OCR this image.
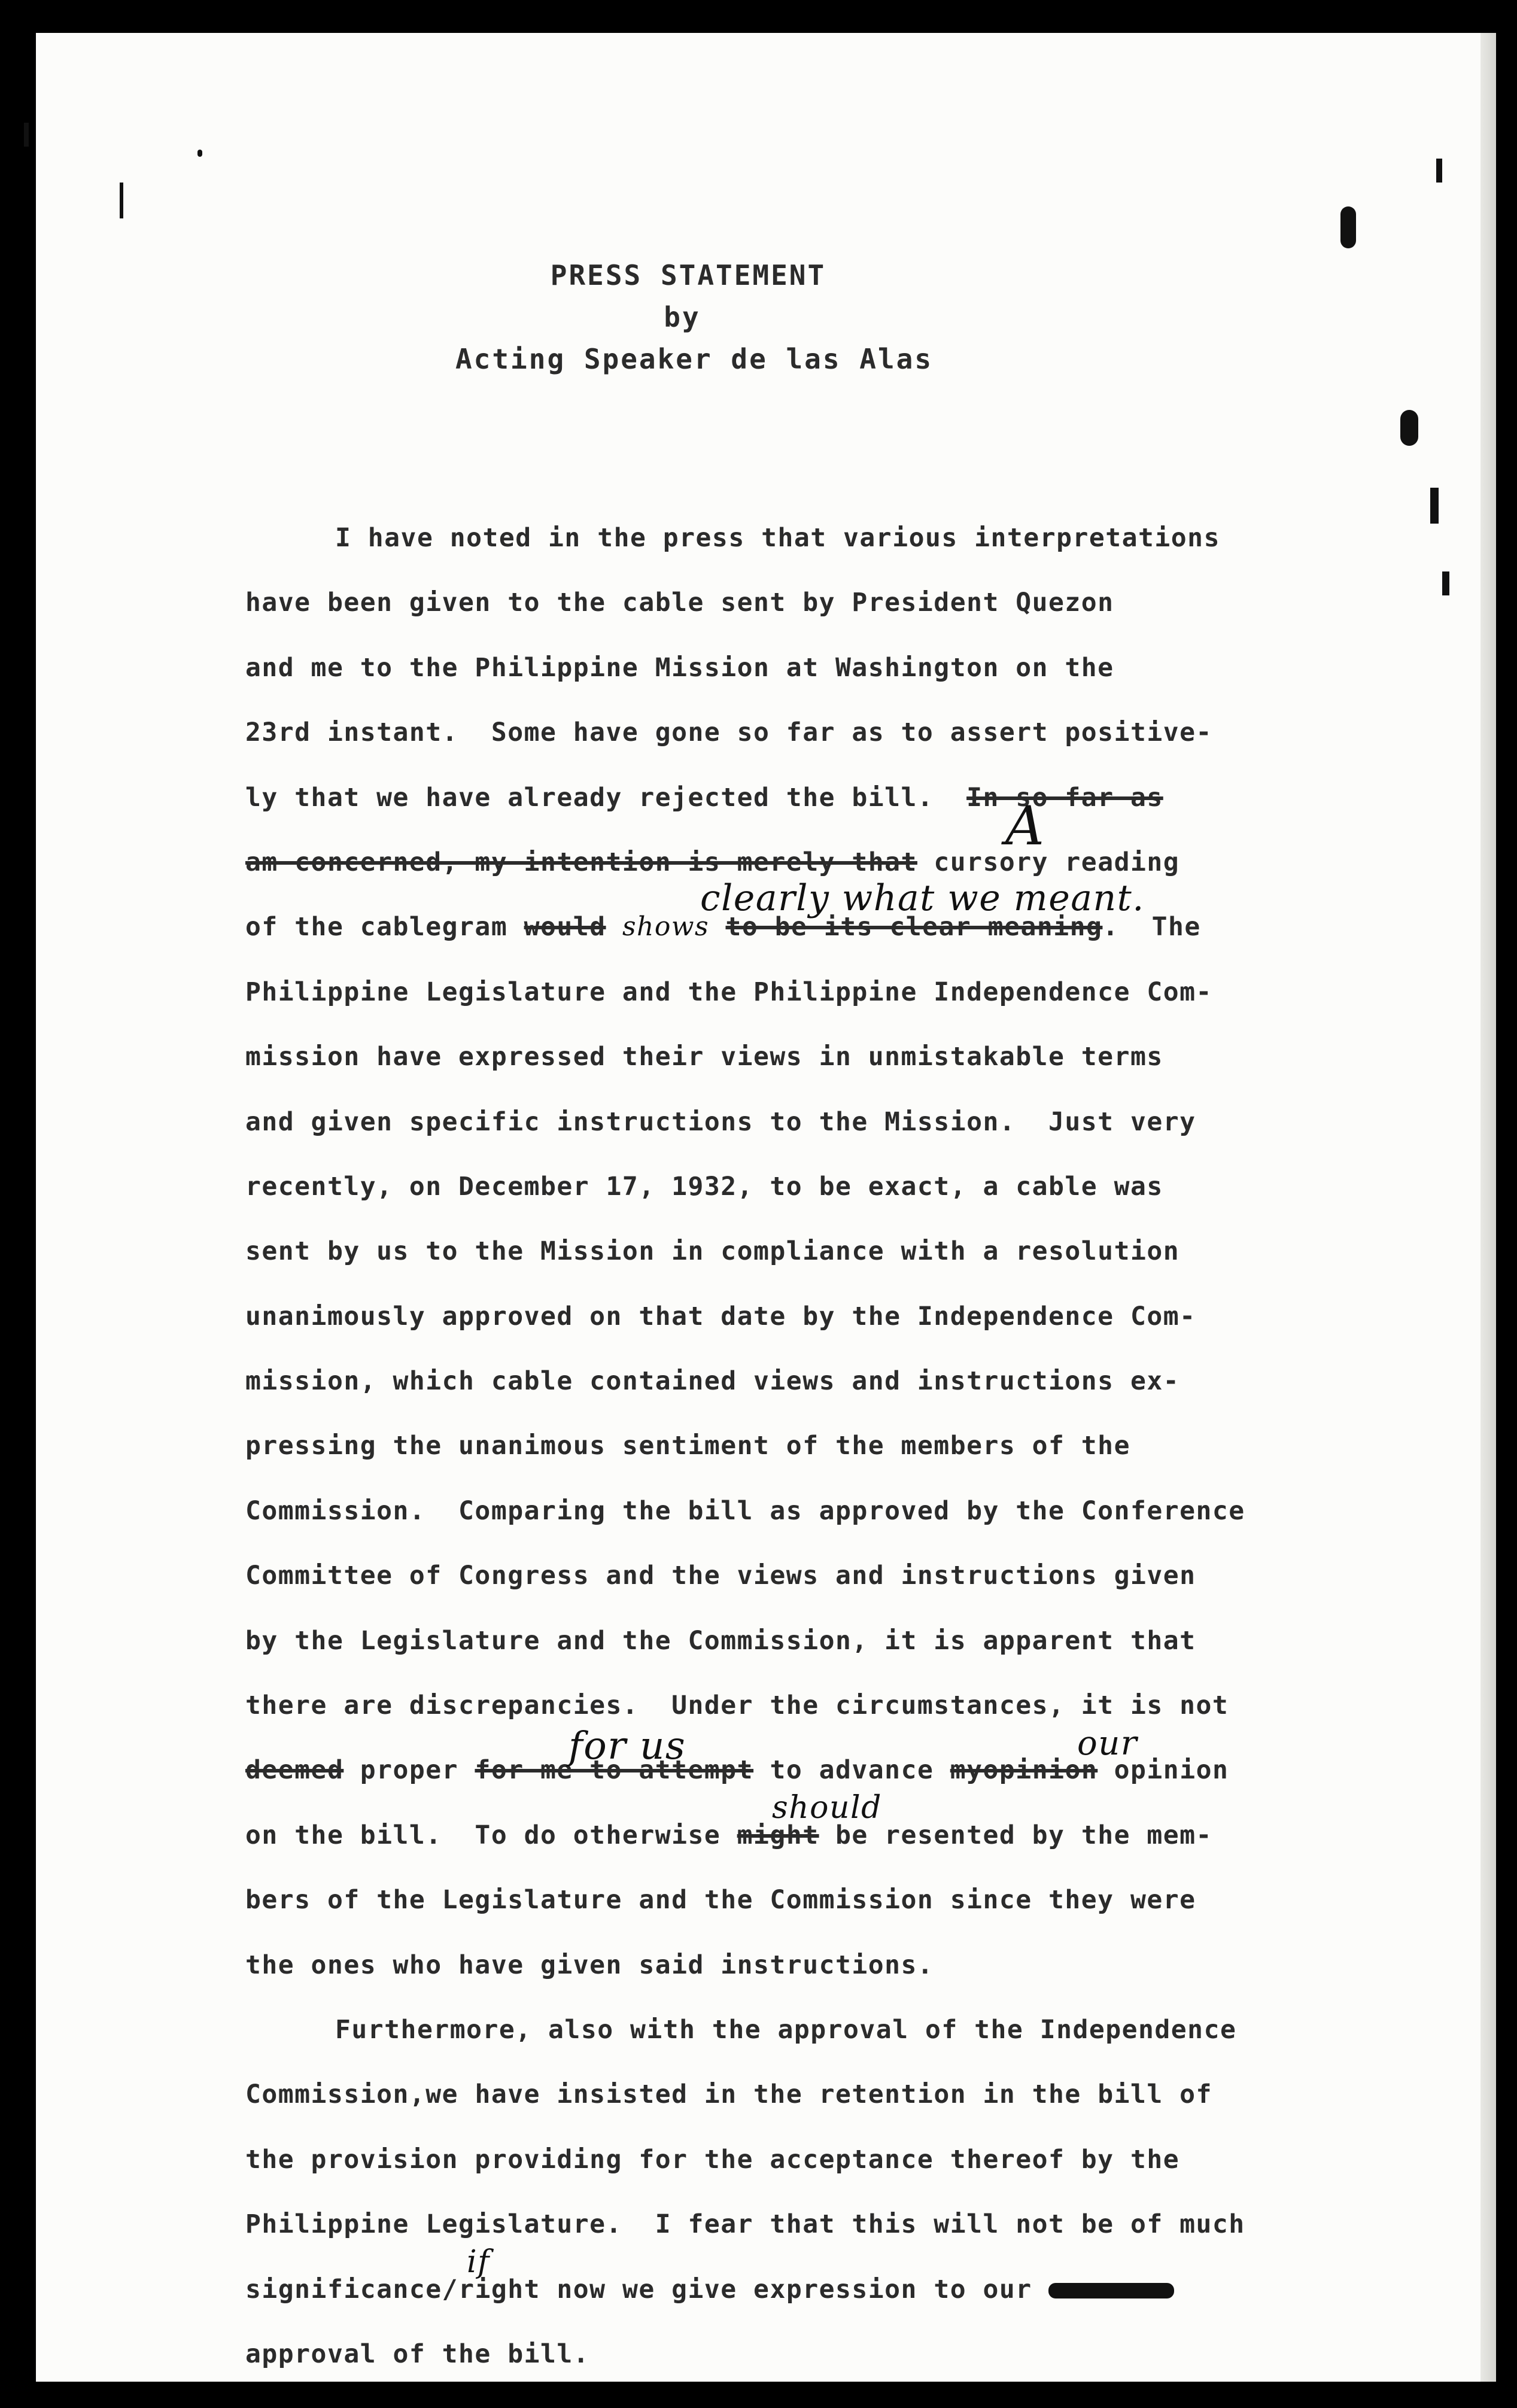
PRESS STATEMENT
by
Acting Speaker de las Alas
I have noted in the press that various interpretations
have been given to the cable sent by President Quezon
and me to the Philippine Mission at Washington on the
23rd instant.  Some have gone so far as to assert positive-
ly that we have already rejected the bill. In so far as
am concerned, my intention is merely that cursory reading
A
of the cablegram would shows to be its clear meaning.  The
clearly what we meant.
Philippine Legislature and the Philippine Independence Com-
mission have expressed their views in unmistakable terms
and given specific instructions to the Mission.  Just very
recently, on December 17, 1932, to be exact, a cable was
sent by us to the Mission in compliance with a resolution
unanimously approved on that date by the Independence Com-
mission, which cable contained views and instructions ex-
pressing the unanimous sentiment of the members of the
Commission.  Comparing the bill as approved by the Conference
Committee of Congress and the views and instructions given
by the Legislature and the Commission, it is apparent that
there are discrepancies.  Under the circumstances, it is not
deemed proper for me to attempt to advance myopinion opinion
for us	our
on the bill.  To do otherwise might be resented by the mem-
should
bers of the Legislature and the Commission since they were
the ones who have given said instructions.
Furthermore, also with the approval of the Independence
Commission,we have insisted in the retention in the bill of
the provision providing for the acceptance thereof by the
Philippine Legislature.  I fear that this will not be of much
significance/right now we give expression to our
if
approval of the bill.
